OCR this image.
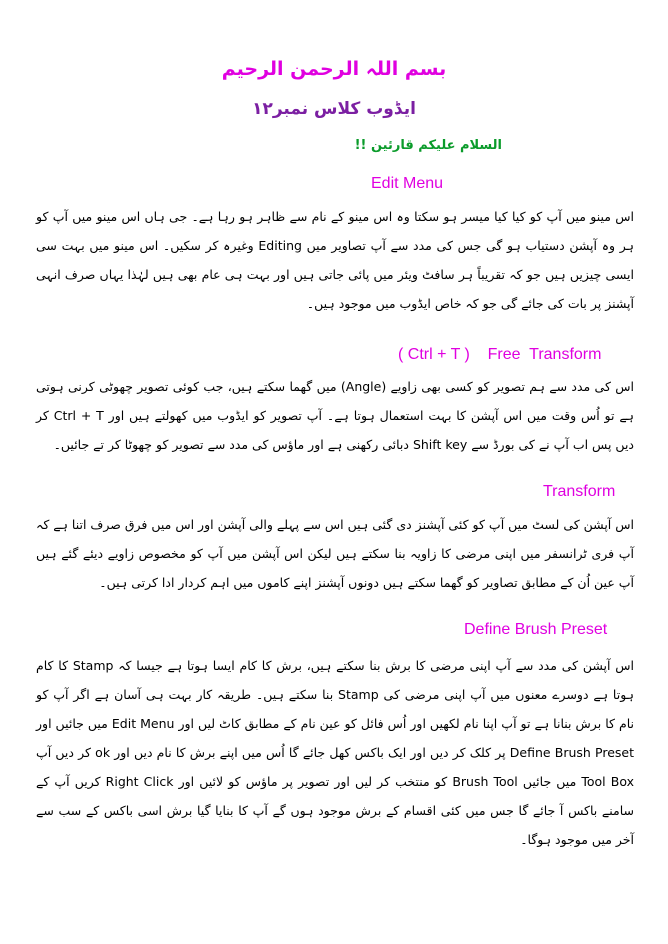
بسم اللہ الرحمن الرحیم
ایڈوب کلاس نمبر١٢
السلام علیکم قارئین !!
Edit Menu
اس مینو میں آپ کو کیا کیا میسر ہو سکتا وہ اس مینو کے نام سے ظاہر ہو رہا ہے۔ جی ہاں اس مینو میں آپ کو ہر وہ آپشن دستیاب ہو گی جس کی مدد سے آپ تصاویر میں Editing وغیرہ کر سکیں۔ اس مینو میں بہت سی ایسی چیزیں ہیں جو کہ تقریباً ہر سافٹ ویئر میں پائی جاتی ہیں اور بہت ہی عام بھی ہیں لہٰذا یہاں صرف انہی آپشنز پر بات کی جائے گی جو کہ خاص ایڈوب میں موجود ہیں۔
( Ctrl + T )    Free  Transform
اس کی مدد سے ہم تصویر کو کسی بھی زاویے (Angle) میں گھما سکتے ہیں، جب کوئی تصویر چھوٹی کرنی ہوتی ہے تو اُس وقت میں اس آپشن کا بہت استعمال ہوتا ہے۔ آپ تصویر کو ایڈوب میں کھولتے ہیں اور Ctrl + T کر دیں پس اب آپ نے کی بورڈ سے Shift key دبائی رکھنی ہے اور ماؤس کی مدد سے تصویر کو چھوٹا کر تے جائیں۔
Transform
اس آپشن کی لسٹ میں آپ کو کئی آپشنز دی گئی ہیں اس سے پہلے والی آپشن اور اس میں فرق صرف اتنا ہے کہ آپ فری ٹرانسفر میں اپنی مرضی کا زاویہ بنا سکتے ہیں لیکن اس آپشن میں آپ کو مخصوص زاویے دیئے گئے ہیں آپ عین اُن کے مطابق تصاویر کو گھما سکتے ہیں دونوں آپشنز اپنے کاموں میں اہم کردار ادا کرتی ہیں۔
Define Brush Preset
اس آپشن کی مدد سے آپ اپنی مرضی کا برش بنا سکتے ہیں، برش کا کام ایسا ہوتا ہے جیسا کہ Stamp کا کام ہوتا ہے دوسرے معنوں میں آپ اپنی مرضی کی Stamp بنا سکتے ہیں۔ طریقہ کار بہت ہی آسان ہے اگر آپ کو نام کا برش بنانا ہے تو آپ اپنا نام لکھیں اور اُس فائل کو عین نام کے مطابق کاٹ لیں اور Edit Menu میں جائیں اور Define Brush Preset پر کلک کر دیں اور ایک باکس کھل جائے گا اُس میں اپنے برش کا نام دیں اور ok کر دیں آپ Tool Box میں جائیں Brush Tool کو منتخب کر لیں اور تصویر پر ماؤس کو لائیں اور Right Click کریں آپ کے سامنے باکس آ جائے گا جس میں کئی اقسام کے برش موجود ہوں گے آپ کا بنایا گیا برش اسی باکس کے سب سے آخر میں موجود ہوگا۔
